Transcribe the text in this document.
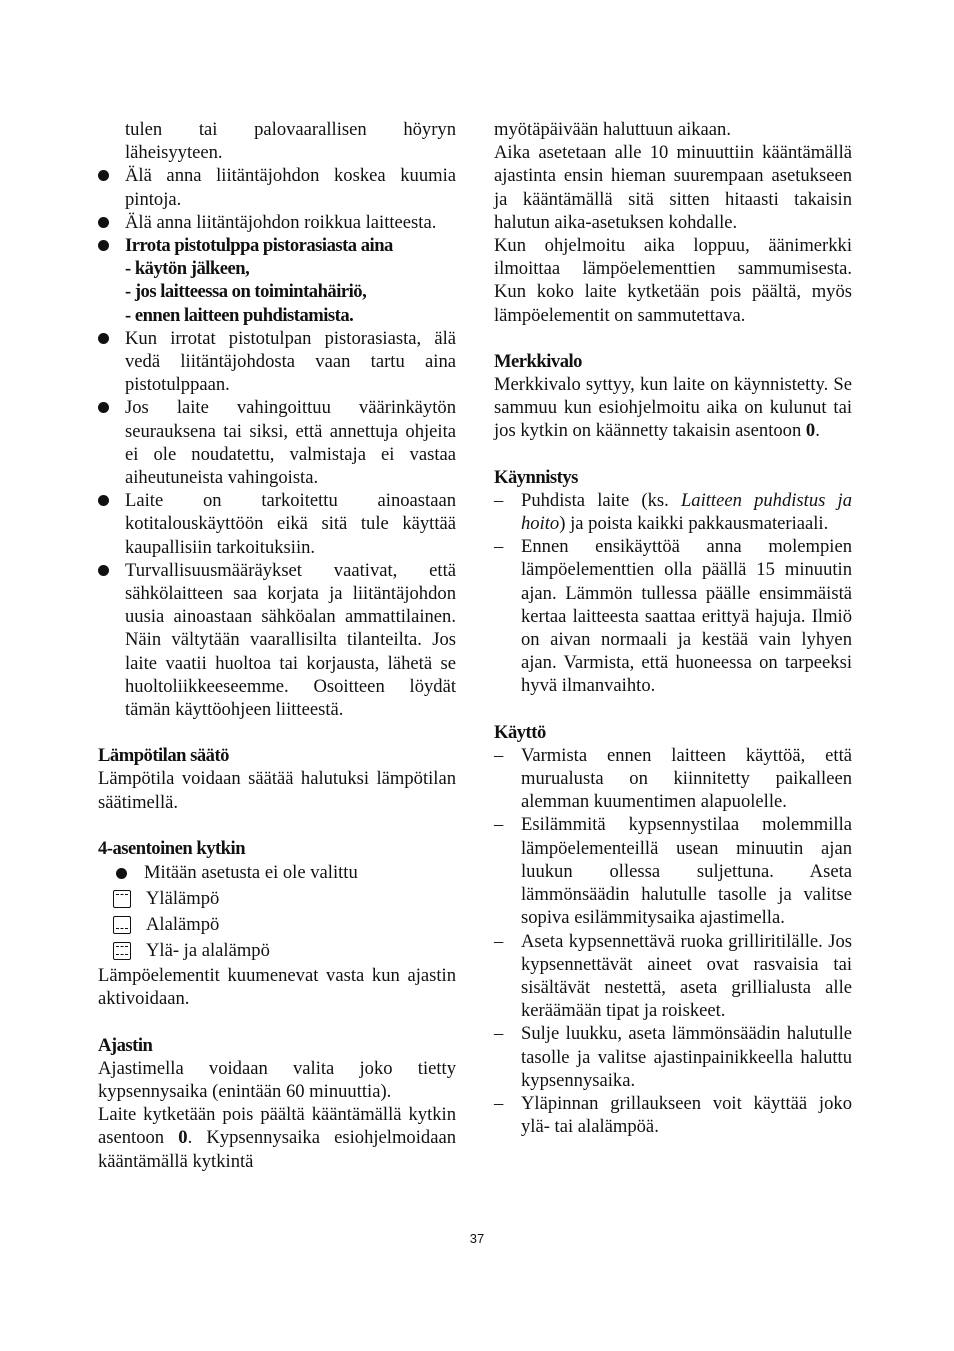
tulen tai palovaarallisen höyryn läheisyyteen.

Älä anna liitäntäjohdon koskea kuumia pintoja.
Älä anna liitäntäjohdon roikkua laitteesta.
Irrota pistotulppa pistorasiasta aina
- käytön jälkeen,
- jos laitteessa on toimintahäiriö,
- ennen laitteen puhdistamista.
Kun irrotat pistotulpan pistorasiasta, älä vedä liitäntäjohdosta vaan tartu aina pistotulppaan.
Jos laite vahingoittuu väärinkäytön seurauksena tai siksi, että annettuja ohjeita ei ole noudatettu, valmistaja ei vastaa aiheutuneista vahingoista.
Laite on tarkoitettu ainoastaan kotitalouskäyttöön eikä sitä tule käyttää kaupallisiin tarkoituksiin.
Turvallisuusmääräykset vaativat, että sähkölaitteen saa korjata ja liitäntäjohdon uusia ainoastaan sähköalan ammattilainen. Näin vältytään vaarallisilta tilanteilta. Jos laite vaatii huoltoa tai korjausta, lähetä se huoltoliikkeeseemme. Osoitteen löydät tämän käyttöohjeen liitteestä.
Lämpötilan säätö

Lämpötila voidaan säätää halutuksi lämpötilan säätimellä.

4-asentoinen kytkin
Mitään asetusta ei ole valittu
Ylälämpö
Alalämpö
Ylä- ja alalämpö

Lämpöelementit kuumenevat vasta kun ajastin aktivoidaan.

Ajastin

Ajastimella voidaan valita joko tietty kypsennysaika (enintään 60 minuuttia).

Laite kytketään pois päältä kääntämällä kytkin asentoon 0. Kypsennysaika esiohjelmoidaan kääntämällä kytkintä

myötäpäivään haluttuun aikaan.

Aika asetetaan alle 10 minuuttiin kääntämällä ajastinta ensin hieman suurempaan asetukseen ja kääntämällä sitä sitten hitaasti takaisin halutun aika-asetuksen kohdalle.

Kun ohjelmoitu aika loppuu, äänimerkki ilmoittaa lämpöelementtien sammumisesta. Kun koko laite kytketään pois päältä, myös lämpöelementit on sammutettava.

Merkkivalo

Merkkivalo syttyy, kun laite on käynnistetty. Se sammuu kun esiohjelmoitu aika on kulunut tai jos kytkin on käännetty takaisin asentoon 0.

Käynnistys
– Puhdista laite (ks. Laitteen puhdistus ja hoito) ja poista kaikki pakkausmateriaali.
– Ennen ensikäyttöä anna molempien lämpöelementtien olla päällä 15 minuutin ajan. Lämmön tullessa päälle ensimmäistä kertaa laitteesta saattaa erittyä hajuja. Ilmiö on aivan normaali ja kestää vain lyhyen ajan. Varmista, että huoneessa on tarpeeksi hyvä ilmanvaihto.
Käyttö
– Varmista ennen laitteen käyttöä, että murualusta on kiinnitetty paikalleen alemman kuumentimen alapuolelle.
– Esilämmitä kypsennystilaa molemmilla lämpöelementeillä usean minuutin ajan luukun ollessa suljettuna. Aseta lämmönsäädin halutulle tasolle ja valitse sopiva esilämmitysaika ajastimella.
– Aseta kypsennettävä ruoka grilliritilälle. Jos kypsennettävät aineet ovat rasvaisia tai sisältävät nestettä, aseta grillialusta alle keräämään tipat ja roiskeet.
– Sulje luukku, aseta lämmönsäädin halutulle tasolle ja valitse ajastinpainikkeella haluttu kypsennysaika.
– Yläpinnan grillaukseen voit käyttää joko ylä- tai alalämpöä.
37
